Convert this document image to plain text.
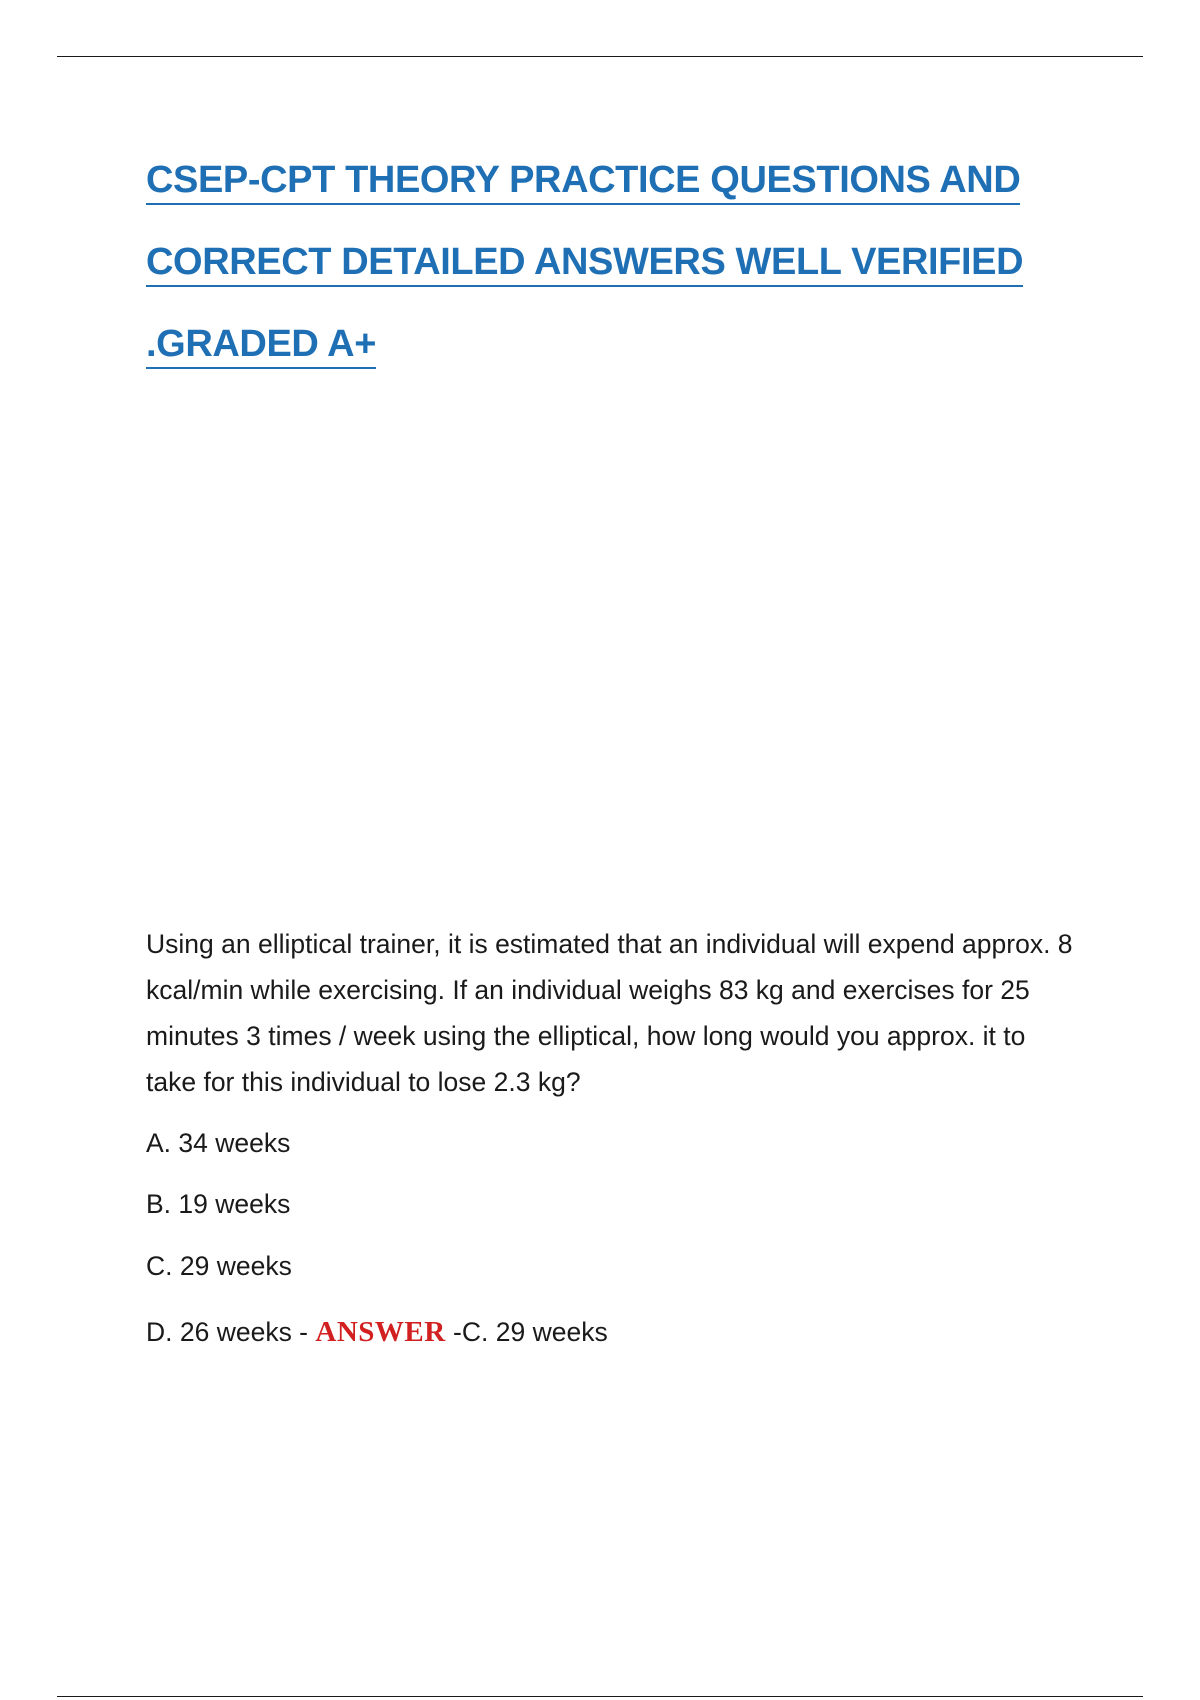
CSEP-CPT THEORY PRACTICE QUESTIONS AND
CORRECT DETAILED ANSWERS WELL VERIFIED
.GRADED A+

Using an elliptical trainer, it is estimated that an individual will expend approx. 8 kcal/min while exercising. If an individual weighs 83 kg and exercises for 25 minutes 3 times / week using the elliptical, how long would you approx. it to take for this individual to lose 2.3 kg?

A. 34 weeks

B. 19 weeks

C. 29 weeks

D. 26 weeks - ANSWER -C. 29 weeks
